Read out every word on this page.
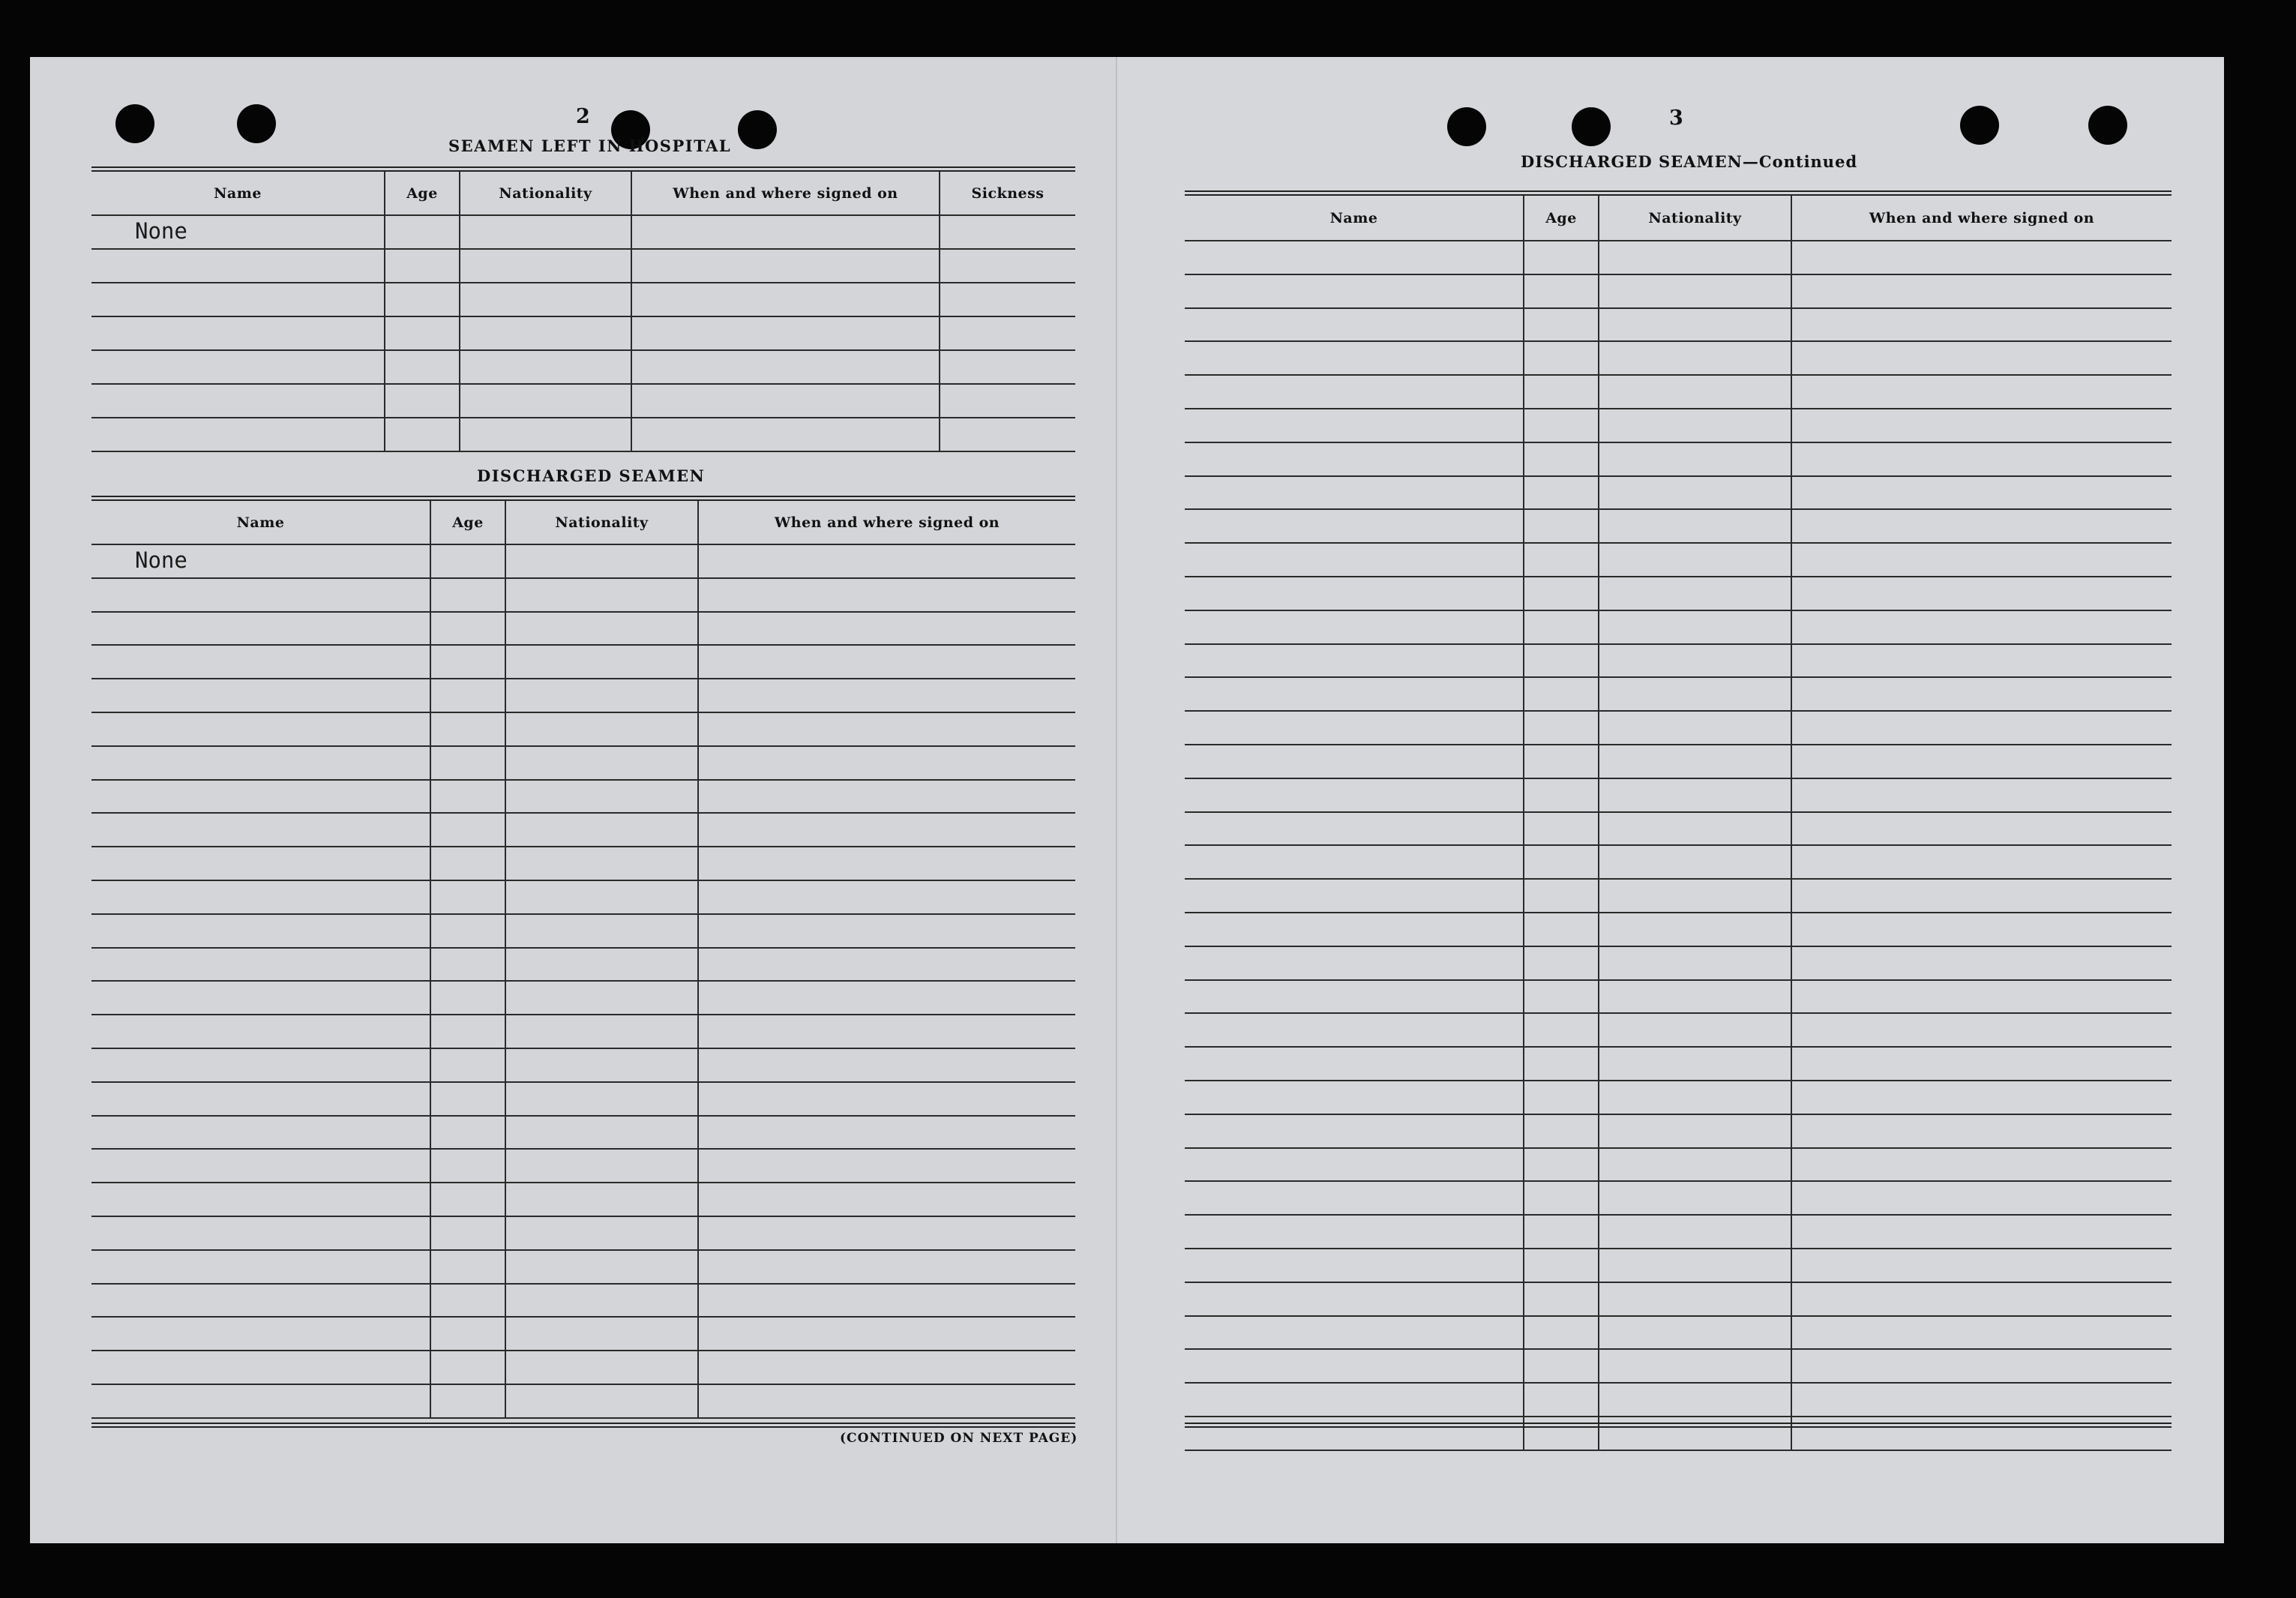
2
SEAMEN LEFT IN HOSPITAL
Name	Age	Nationality	When and where signed on	Sickness
None				

DISCHARGED SEAMEN
Name	Age	Nationality	When and where signed on
None			

(CONTINUED ON NEXT PAGE)
3
DISCHARGED SEAMEN—Continued
Name	Age	Nationality	When and where signed on
